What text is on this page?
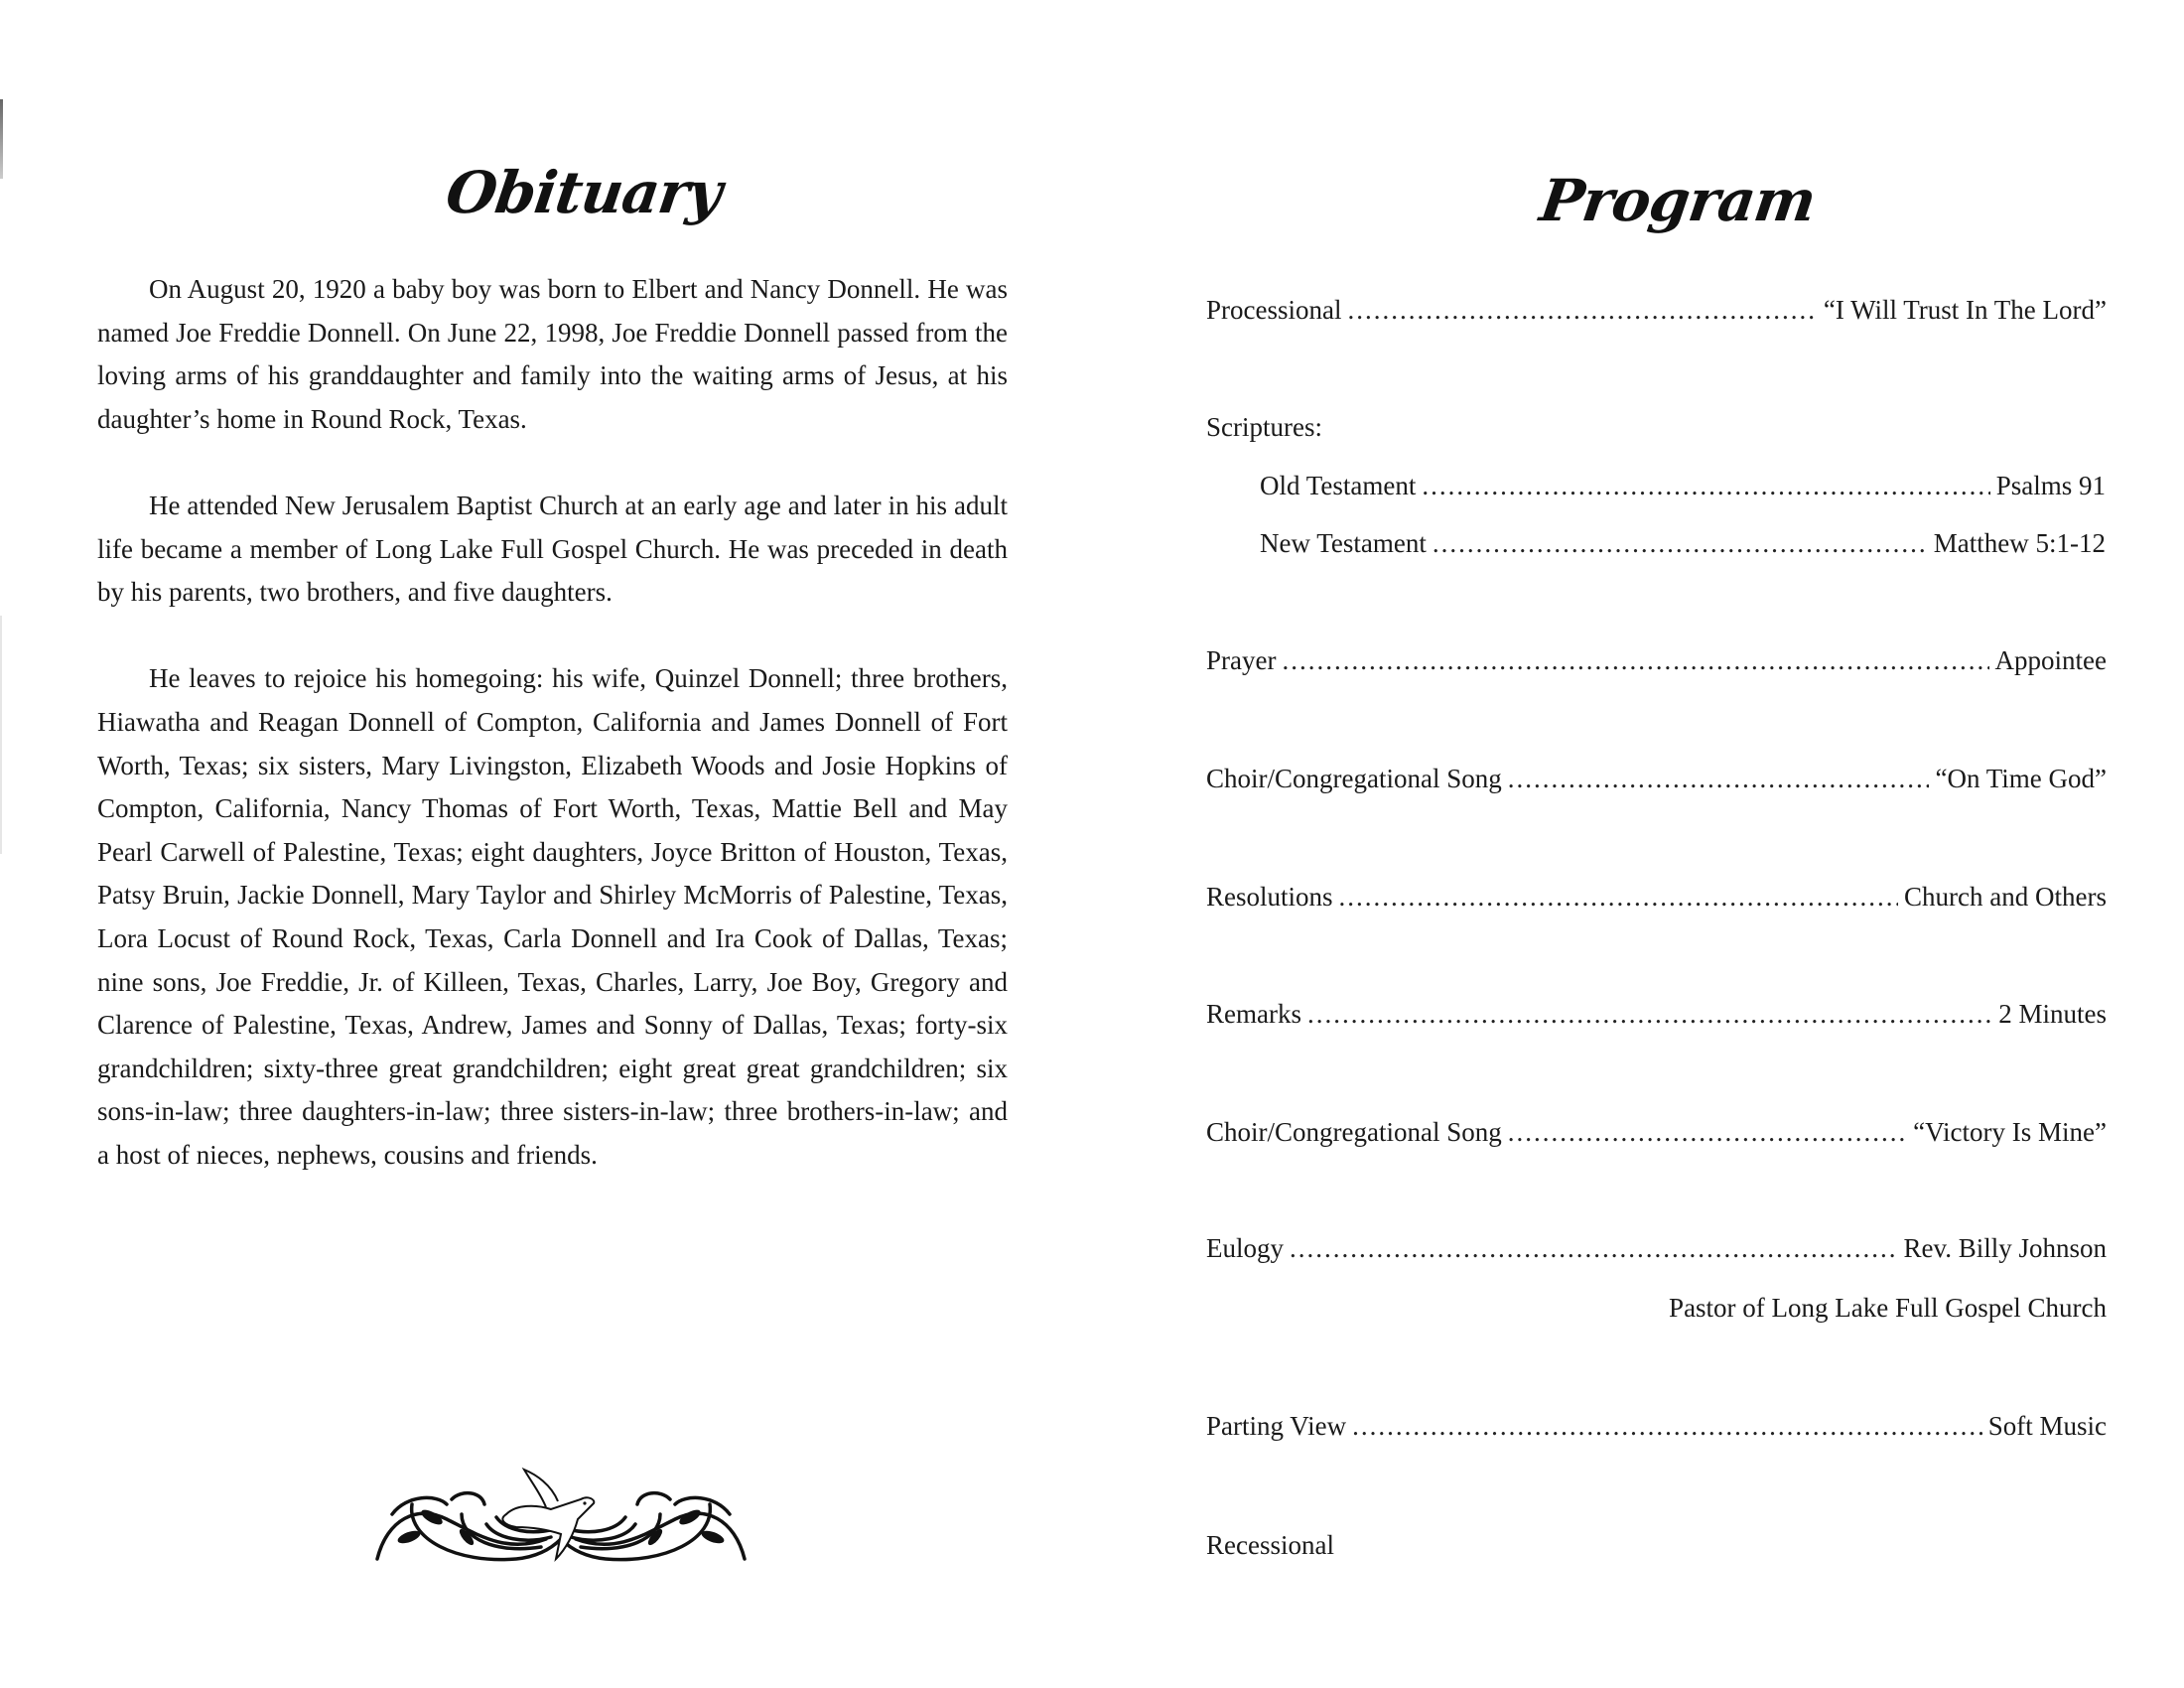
Obituary

On August 20, 1920 a baby boy was born to Elbert and Nancy Donnell. He was named Joe Freddie Donnell. On June 22, 1998, Joe Freddie Donnell passed from the loving arms of his granddaughter and family into the waiting arms of Jesus, at his daughter’s home in Round Rock, Texas.

He attended New Jerusalem Baptist Church at an early age and later in his adult life became a member of Long Lake Full Gospel Church. He was preceded in death by his parents, two brothers, and five daughters.

He leaves to rejoice his homegoing: his wife, Quinzel Donnell; three brothers, Hiawatha and Reagan Donnell of Compton, California and James Donnell of Fort Worth, Texas; six sisters, Mary Livingston, Elizabeth Woods and Josie Hopkins of Compton, California, Nancy Thomas of Fort Worth, Texas, Mattie Bell and May Pearl Carwell of Palestine, Texas; eight daughters, Joyce Britton of Houston, Texas, Patsy Bruin, Jackie Donnell, Mary Taylor and Shirley McMorris of Palestine, Texas, Lora Locust of Round Rock, Texas, Carla Donnell and Ira Cook of Dallas, Texas; nine sons, Joe Freddie, Jr. of Killeen, Texas, Charles, Larry, Joe Boy, Gregory and Clarence of Palestine, Texas, Andrew, James and Sonny of Dallas, Texas; forty-six grandchildren; sixty-three great grandchildren; eight great great grandchildren; six sons-in-law; three daughters-in-law; three sisters-in-law; three brothers-in-law; and a host of nieces, nephews, cousins and friends.

Program
Processional .....	“I Will Trust In The Lord”
Scriptures:
Old Testament .....	Psalms 91
New Testament .....	Matthew 5:1-12
Prayer .....	Appointee
Choir/Congregational Song .....	“On Time God”
Resolutions .....	Church and Others
Remarks .....	2 Minutes
Choir/Congregational Song .....	“Victory Is Mine”
Eulogy .....	Rev. Billy Johnson
Pastor of Long Lake Full Gospel Church
Parting View .....	Soft Music
Recessional
